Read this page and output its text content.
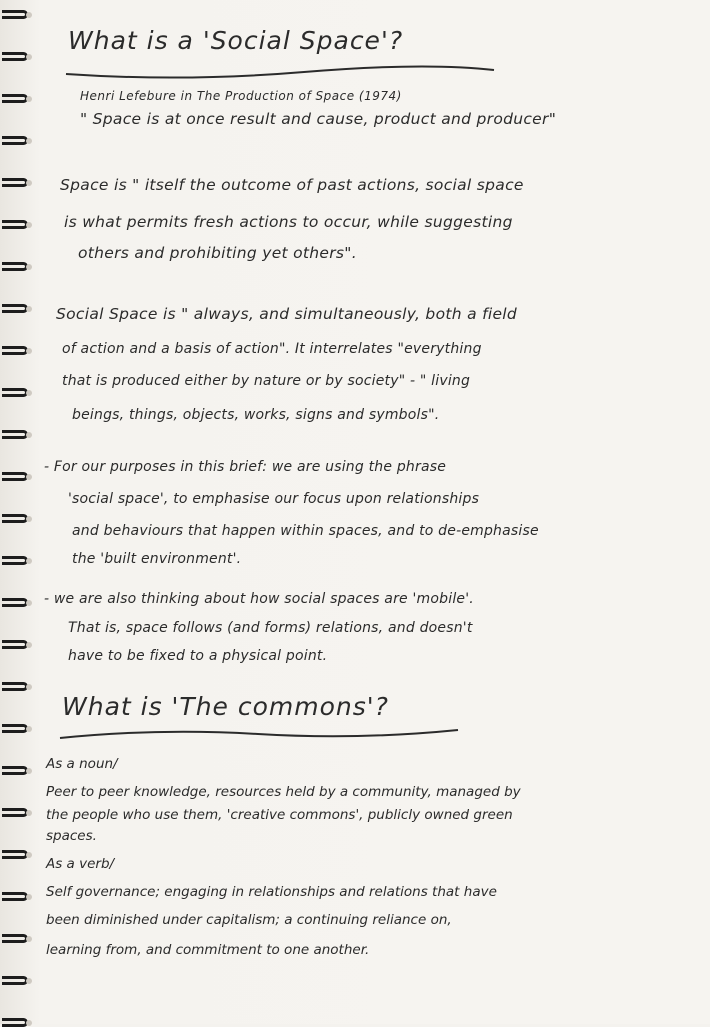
What is a 'Social Space'?
Henri Lefebure in The Production of Space (1974)
" Space is at once result and cause, product and producer"
Space is " itself the outcome of past actions, social space
is what permits fresh actions to occur, while suggesting
others and prohibiting yet others".
Social Space is " always, and simultaneously, both a field
of action and a basis of action". It interrelates "everything
that is produced either by nature or by society" - " living
beings, things, objects, works, signs and symbols".
- For our purposes in this brief: we are using the phrase
'social space', to emphasise our focus upon relationships
and behaviours that happen within spaces, and to de-emphasise
the 'built environment'.
- we are also thinking about how social spaces are 'mobile'.
That is, space follows (and forms) relations, and doesn't
have to be fixed to a physical point.
What is 'The commons'?
As a noun/
Peer to peer knowledge, resources held by a community, managed by
the people who use them, 'creative commons', publicly owned green
spaces.
As a verb/
Self governance; engaging in relationships and relations that have
been diminished under capitalism; a continuing reliance on,
learning from, and commitment to one another.
